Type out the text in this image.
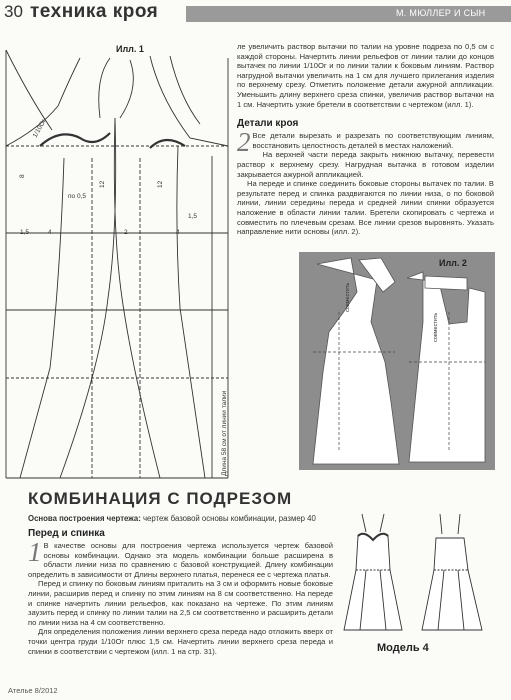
30 техника кроя	М. МЮЛЛЕР И СЫН
1,5	4
1/10Ог
по 0,5
12	12
1,5
2	4
8
Илл. 1
Длина 58 см от линии талии

ле увеличить раствор вытачки по талии на уровне подреза по 0,5 см с каждой стороны. Начертить линии рельефов от линии талии до концов вытачек по линии 1/10Ог и по линии талии к боковым линиям. Раствор нагрудной вытачки увеличить на 1 см для лучшего прилегания изделия по верхнему срезу. Отметить положение детали ажурной аппликации. Уменьшить длину верхнего среза спинки, увеличив раствор вытачки на 1 см. Начертить узкие бретели в соответствии с чертежом (илл. 1).

Детали кроя
2 Все детали вырезать и разрезать по соответствующим линиям, восстановить целостность деталей в местах наложений.

На верхней части переда закрыть нижнюю вытачку, перевести раствор к верхнему срезу. Нагрудная вытачка в готовом изделии закрывается ажурной аппликацией.

На переде и спинке соединить боковые стороны вытачек по талии. В результате перед и спинка раздвигаются по линии низа, о по боковой линии, линии середины переда и средней линии спинки образуется наложение в области линии талии. Бретели скопировать с чертежа и совместить по плечевым срезам. Все линии срезов выровнять. Указать направление нити основы (илл. 2).

совместить
совместить
Илл. 2
КОМБИНАЦИЯ С ПОДРЕЗОМ
Основа построения чертежа: чертеж базовой основы комбинации, размер 40
Перед и спинка
1 В качестве основы для построения чертежа используется чертеж базовой основы комбинации. Однако эта модель комбинации больше расширена в области линии низа по сравнению с базовой конструкцией. Длину комбинации определить в зависимости от Длины верхнего платья, перенеся ее с чертежа платья.

Перед и спинку по боковым линиям приталить на 3 см и оформить новые боковые линии, расширив перед и спинку по этим линиям на 8 см соответственно. На переде и спинке начертить линии рельефов, как показано на чертеже. По этим линиям заузить перед и спинку по линии талии на 2,5 см соответственно и расширить детали по линии низа на 4 см соответственно.

Для определения положения линии верхнего среза переда надо отложить вверх от точки центра груди 1/10Ог плюс 1,5 см. Начертить линии верхнего среза переда и спинки в соответствии с чертежом (илл. 1 на стр. 31).	Модель 4
Ателье 8/2012
